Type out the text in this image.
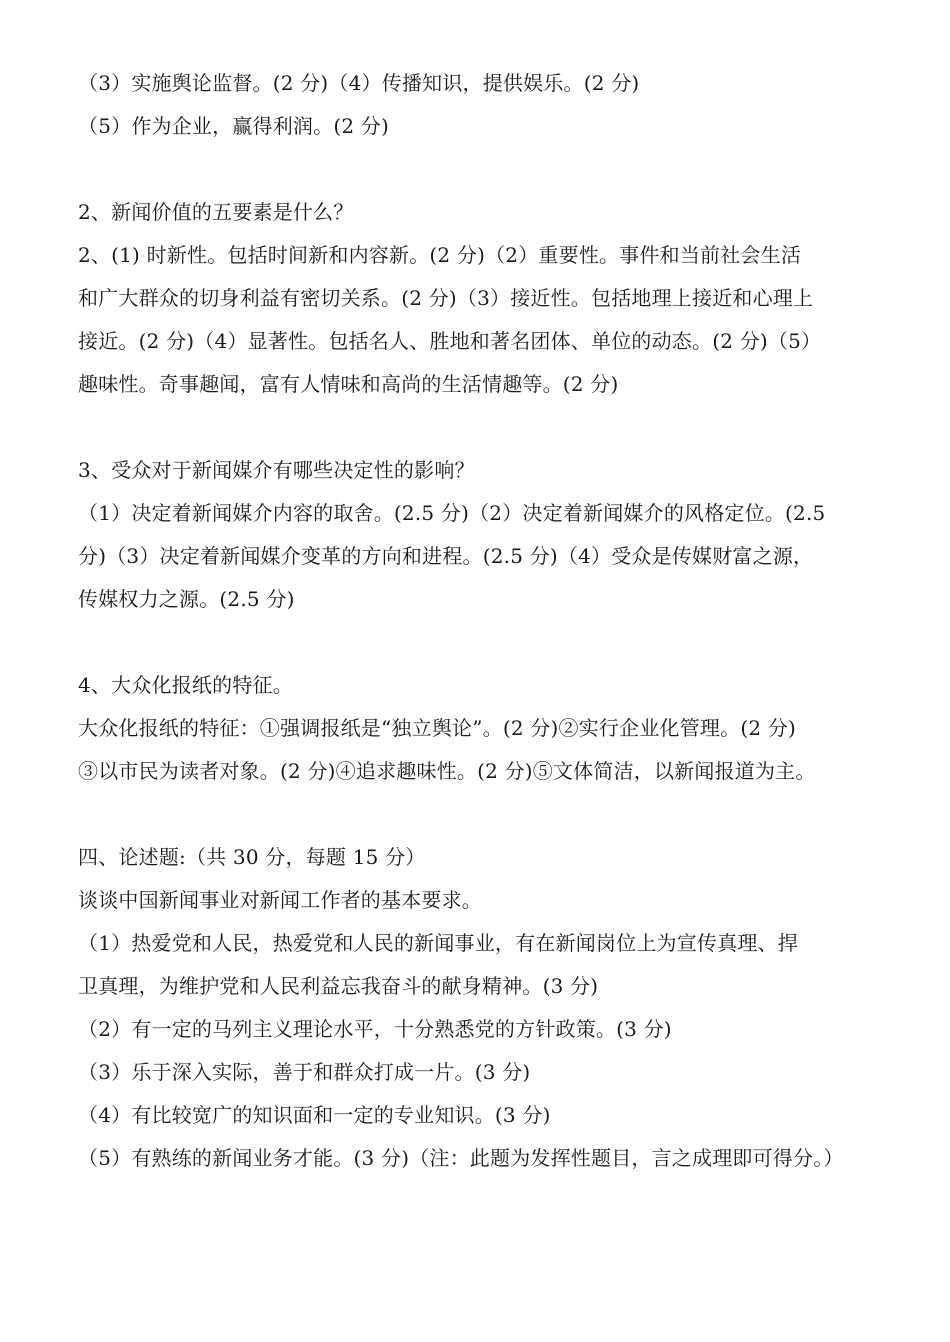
（3）实施舆论监督。(2 分)（4）传播知识，提供娱乐。(2 分)
（5）作为企业，赢得利润。(2 分)
2、新闻价值的五要素是什么？
2、(1) 时新性。包括时间新和内容新。(2 分)（2）重要性。事件和当前社会生活
和广大群众的切身利益有密切关系。(2 分)（3）接近性。包括地理上接近和心理上
接近。(2 分)（4）显著性。包括名人、胜地和著名团体、单位的动态。(2 分)（5）
趣味性。奇事趣闻，富有人情味和高尚的生活情趣等。(2 分)
3、受众对于新闻媒介有哪些决定性的影响？
（1）决定着新闻媒介内容的取舍。(2.5 分)（2）决定着新闻媒介的风格定位。(2.5
分)（3）决定着新闻媒介变革的方向和进程。(2.5 分)（4）受众是传媒财富之源，
传媒权力之源。(2.5 分)
4、大众化报纸的特征。
大众化报纸的特征：①强调报纸是“独立舆论”。(2 分)②实行企业化管理。(2 分)
③以市民为读者对象。(2 分)④追求趣味性。(2 分)⑤文体简洁，以新闻报道为主。
四、论述题:（共 30 分，每题 15 分）
谈谈中国新闻事业对新闻工作者的基本要求。
（1）热爱党和人民，热爱党和人民的新闻事业，有在新闻岗位上为宣传真理、捍
卫真理，为维护党和人民利益忘我奋斗的献身精神。(3 分)
（2）有一定的马列主义理论水平，十分熟悉党的方针政策。(3 分)
（3）乐于深入实际，善于和群众打成一片。(3 分)
（4）有比较宽广的知识面和一定的专业知识。(3 分)
（5）有熟练的新闻业务才能。(3 分)（注：此题为发挥性题目，言之成理即可得分。）
